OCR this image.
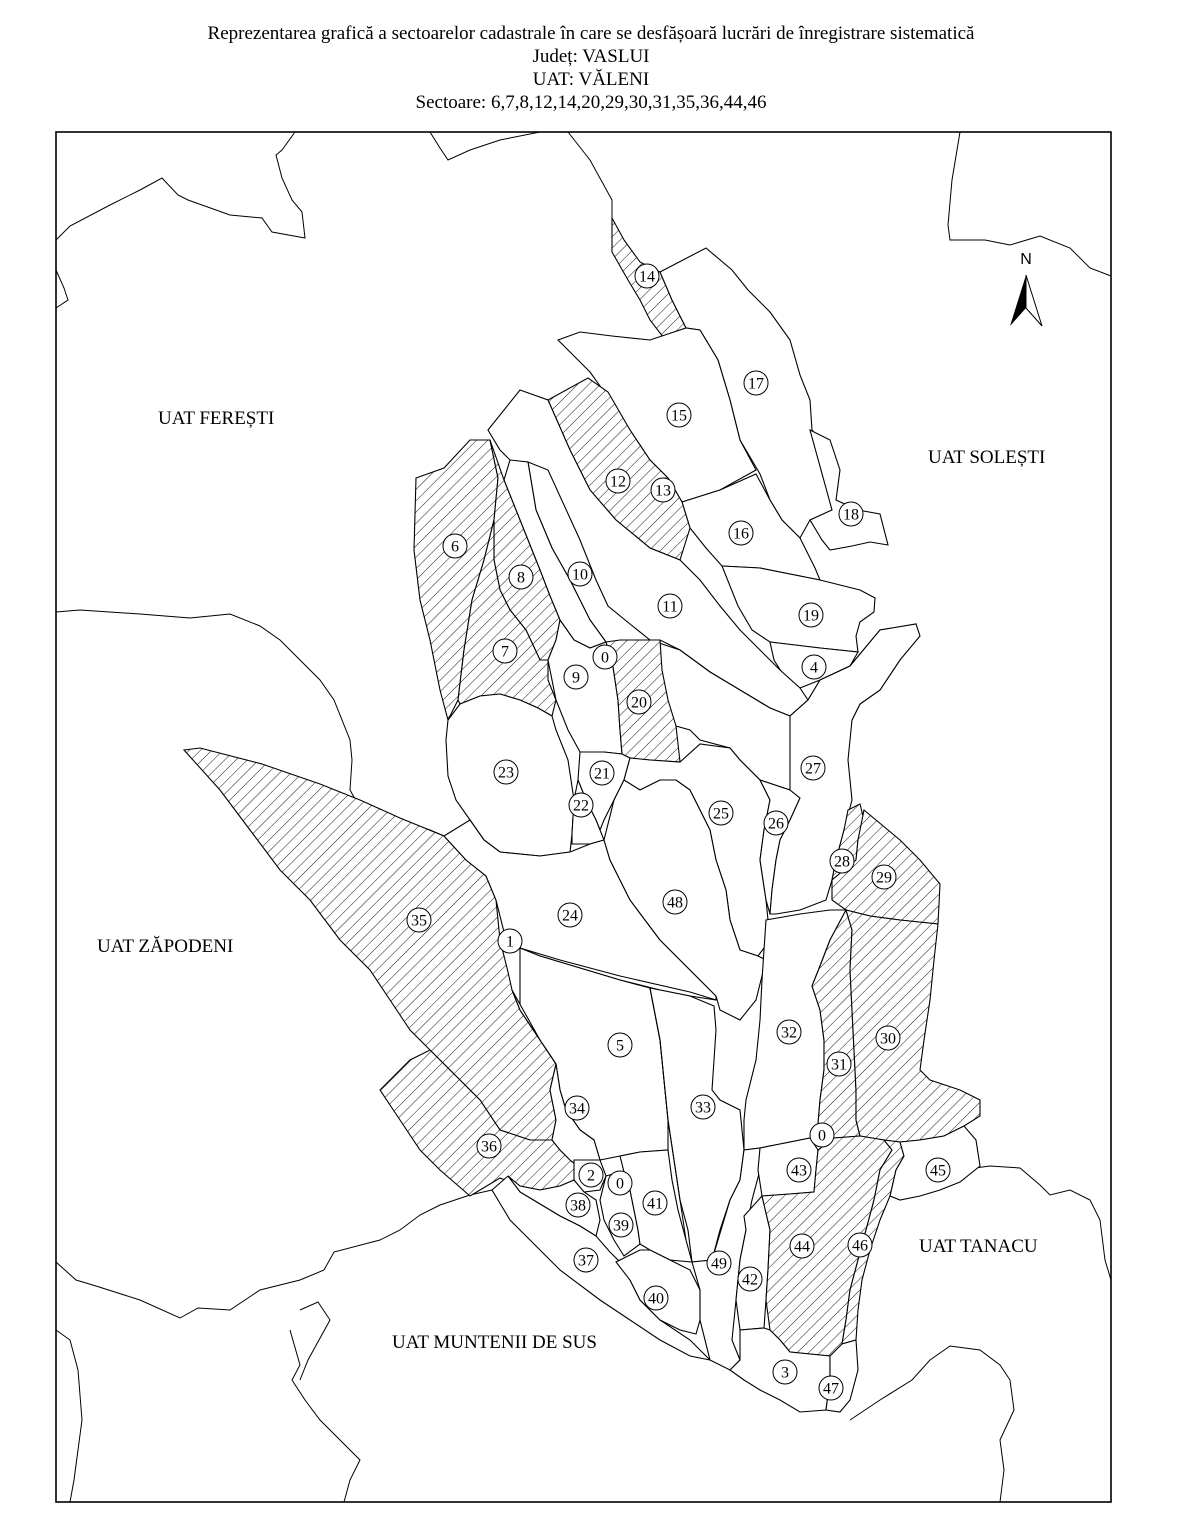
Reprezentarea grafică a sectoarelor cadastrale în care se desfășoară lucrări de înregistrare sistematică
Județ: VASLUI
UAT: VĂLENI
Sectoare: 6,7,8,12,14,20,29,30,31,35,36,44,46
0
0
0
1
2
3
4
5
6
7
8
9
10
11
12
13
14
15
16
17
18
19
20
21
22
23
24
25
26
27
28
29
30
31
32
33
34
35
36
37
38
39
40
41
42
43
44
45
46
47
48
49
UAT FEREȘTI
UAT SOLEȘTI
UAT ZĂPODENI
UAT TANACU
UAT MUNTENII DE SUS
N
